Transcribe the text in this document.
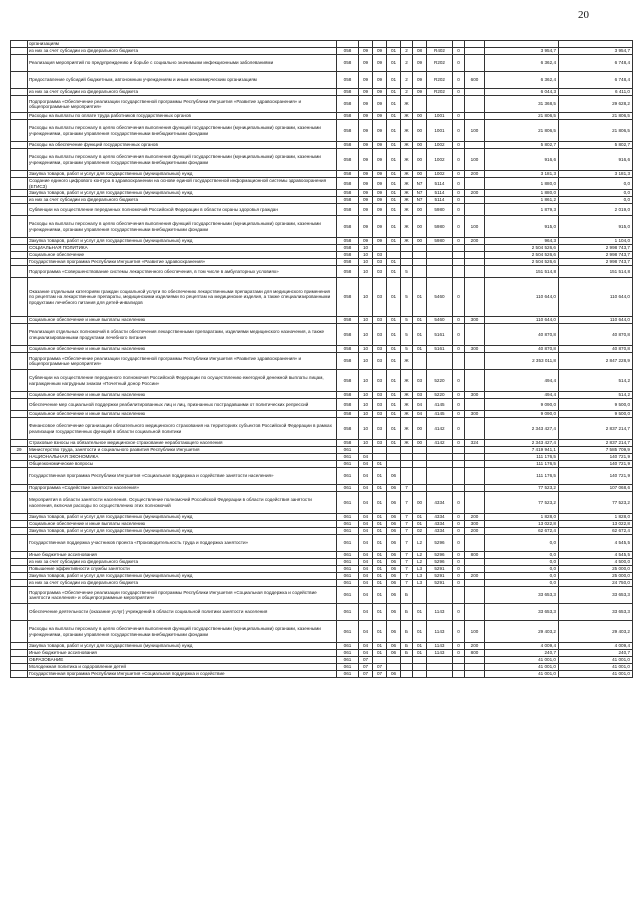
20
	организациям											
	из них за счет субсидии из федерального бюджета	058	09	09	01	2	08	R402	0		3 954,7	3 954,7
	Реализация мероприятий по предупреждению и борьбе с социально значимыми инфекционными заболеваниями	058	09	09	01	2	09	R202	0		6 362,4	6 748,4
	Предоставление субсидий бюджетным, автономным учреждениям и иным некоммерческим организациям	058	09	09	01	2	09	R202	0	600	6 362,4	6 748,4
	из них за счет субсидии из федерального бюджета	058	09	09	01	2	09	R202	0		6 044,3	6 411,0
	Подпрограмма «Обеспечение реализации государственной программы Республики Ингушетия «Развитие здравоохранения» и общепрограммные мероприятия»	058	09	09	01	Ж					31 368,5	29 628,2
	Расходы на выплаты по оплате труда работников государственных органов	058	09	09	01	Ж	00	1001	0		21 806,5	21 806,5
	Расходы на выплаты персоналу в целях обеспечения выполнения функций государственными (муниципальными) органами, казенными учреждениями, органами управления государственными внебюджетными фондами	058	09	09	01	Ж	00	1001	0	100	21 806,5	21 806,5
	Расходы на обеспечение функций государственных органов	058	09	09	01	Ж	00	1002	0		5 802,7	5 802,7
	Расходы на выплаты персоналу в целях обеспечения выполнения функций государственными (муниципальными) органами, казенными учреждениями, органами управления государственными внебюджетными фондами	058	09	09	01	Ж	00	1002	0	100	916,6	916,6
	Закупка товаров, работ и услуг для государственных (муниципальных) нужд	058	09	09	01	Ж	00	1002	0	200	3 181,3	3 181,3
	Создание единого цифрового контура в здравоохранении на основе единой государственной информационной системы здравоохранения (ЕГИСЗ)	058	09	09	01	Ж	N7	5114	0		1 880,0	0,0
	Закупка товаров, работ и услуг для государственных (муниципальных) нужд	058	09	09	01	Ж	N7	5114	0	200	1 880,0	0,0
	из них за счет субсидии из федерального бюджета	058	09	09	01	Ж	N7	5114	0		1 861,2	0,0
	Субвенции на осуществление переданных полномочий Российской Федерации в области охраны здоровья граждан	058	09	09	01	Ж	00	5980	0		1 879,3	2 019,0
	Расходы на выплаты персоналу в целях обеспечения выполнения функций государственными (муниципальными) органами, казенными учреждениями, органами управления государственными внебюджетными фондами	058	09	09	01	Ж	00	5980	0	100	915,0	915,0
	Закупка товаров, работ и услуг для государственных (муниципальных) нужд	058	09	09	01	Ж	00	5980	0	200	964,3	1 104,0
	СОЦИАЛЬНАЯ ПОЛИТИКА	058	10								2 504 526,6	2 998 743,7
	Социальное обеспечение	058	10	03							2 504 526,6	2 998 743,7
	Государственная программа Республики Ингушетия «Развитие здравоохранения»	058	10	03	01						2 504 526,6	2 998 743,7
	Подпрограмма «Совершенствование системы лекарственного обеспечения, в том числе в амбулаторных условиях»	058	10	03	01	5					151 514,8	151 514,8
	Оказание отдельным категориям граждан социальной услуги по обеспечению лекарственными препаратами для медицинского применения по рецептам на лекарственные препараты, медицинскими изделиями по рецептам на медицинские изделия, а также специализированными продуктами лечебного питания для детей-инвалидов	058	10	03	01	5	01	5460	0		110 644,0	110 644,0
	Социальное обеспечение и иные выплаты населению	058	10	03	01	5	01	5460	0	300	110 644,0	110 644,0
	Реализация отдельных полномочий в области обеспечения лекарственными препаратами, изделиями медицинского назначения, а также специализированными продуктами лечебного питания	058	10	03	01	5	01	5161	0		40 870,8	40 870,8
	Социальное обеспечение и иные выплаты населению	058	10	03	01	5	01	5161	0	300	40 870,8	40 870,8
	Подпрограмма «Обеспечение реализации государственной программы Республики Ингушетия «Развитие здравоохранения» и общепрограммные мероприятия»	058	10	03	01	Ж					2 353 011,8	2 847 228,9
	Субвенции на осуществление переданного полномочия Российской Федерации по осуществлению ежегодной денежной выплаты лицам, награжденным нагрудным знаком «Почетный донор России»	058	10	03	01	Ж	03	5220	0		494,4	514,2
	Социальное обеспечение и иные выплаты населению	058	10	03	01	Ж	03	5220	0	300	494,4	514,2
	Обеспечение мер социальной поддержки реабилитированных лиц и лиц, признанных пострадавшими от политических репрессий	058	10	03	01	Ж	04	4145	0		9 090,0	9 500,0
	Социальное обеспечение и иные выплаты населению	058	10	03	01	Ж	04	4145	0	300	9 090,0	9 500,0
	Финансовое обеспечение организации обязательного медицинского страхования на территориях субъектов Российской Федерации в рамках реализации государственных функций в области социальной политики	058	10	03	01	Ж	00	4142	0		2 343 427,4	2 837 214,7
	Страховые взносы на обязательное медицинское страхование неработающего населения	058	10	03	01	Ж	00	4142	0	324	2 343 427,4	2 837 214,7
29	Министерство труда, занятости и социального развития Республики Ингушетия	061									7 419 941,1	7 585 709,9
	НАЦИОНАЛЬНАЯ ЭКОНОМИКА	061	04								111 176,5	140 721,9
	Общеэкономические вопросы	061	04	01							111 176,5	140 721,9
	Государственная программа Республики Ингушетия «Социальная поддержка и содействие занятости населения»	061	04	01	06						111 176,5	140 721,9
	Подпрограмма «Содействие занятости населения»	061	04	01	06	7					77 523,2	107 068,6
	Мероприятия в области занятости населения. Осуществление полномочий Российской Федерации в области содействия занятости населения, включая расходы по осуществлению этих полномочий	061	04	01	06	7	00	4334	0		77 523,2	77 523,2
	Закупка товаров, работ и услуг для государственных (муниципальных) нужд	061	04	01	06	7	01	4334	0	200	1 828,0	1 828,0
	Социальное обеспечение и иные выплаты населению	061	04	01	06	7	01	4334	0	300	13 022,8	13 022,8
	Закупка товаров, работ и услуг для государственных (муниципальных) нужд	061	04	01	06	7	02	4334	0	200	62 672,4	62 672,4
	Государственная поддержка участников проекта «Производительность труда и поддержка занятости»	061	04	01	06	7	L2	5296	0		0,0	4 545,5
	Иные бюджетные ассигнования	061	04	01	06	7	L2	5296	0	800	0,0	4 545,5
	из них за счет субсидии из федерального бюджета	061	04	01	06	7	L2	5296	0		0,0	4 500,0
	Повышение эффективности службы занятости	061	04	01	06	7	L3	5291	0		0,0	25 000,0
	Закупка товаров, работ и услуг для государственных (муниципальных) нужд	061	04	01	06	7	L3	5291	0	200	0,0	25 000,0
	из них за счет субсидии из федерального бюджета	061	04	01	06	7	L3	5291	0		0,0	24 750,0
	Подпрограмма «Обеспечение реализации государственной программы Республики Ингушетия «Социальная поддержка и содействие занятости населения» и общепрограммные мероприятия»	061	04	01	06	Б					33 653,3	33 653,3
	Обеспечение деятельности (оказание услуг) учреждений в области социальной политики занятости населения	061	04	01	06	Б	01	1143	0		33 653,3	33 653,3
	Расходы на выплаты персоналу в целях обеспечения выполнения функций государственными (муниципальными) органами, казенными учреждениями, органами управления государственными внебюджетными фондами	061	04	01	06	Б	01	1143	0	100	29 403,2	29 403,2
	Закупка товаров, работ и услуг для государственных (муниципальных) нужд	061	04	01	06	Б	01	1143	0	200	4 009,4	4 009,4
	Иные бюджетные ассигнования	061	04	01	06	Б	01	1143	0	800	240,7	240,7
	ОБРАЗОВАНИЕ	061	07								41 001,0	41 001,0
	Молодежная политика и оздоровление детей	061	07	07							41 001,0	41 001,0
	Государственная программа Республики Ингушетия «Социальная поддержка и содействие	061	07	07	06						41 001,0	41 001,0
